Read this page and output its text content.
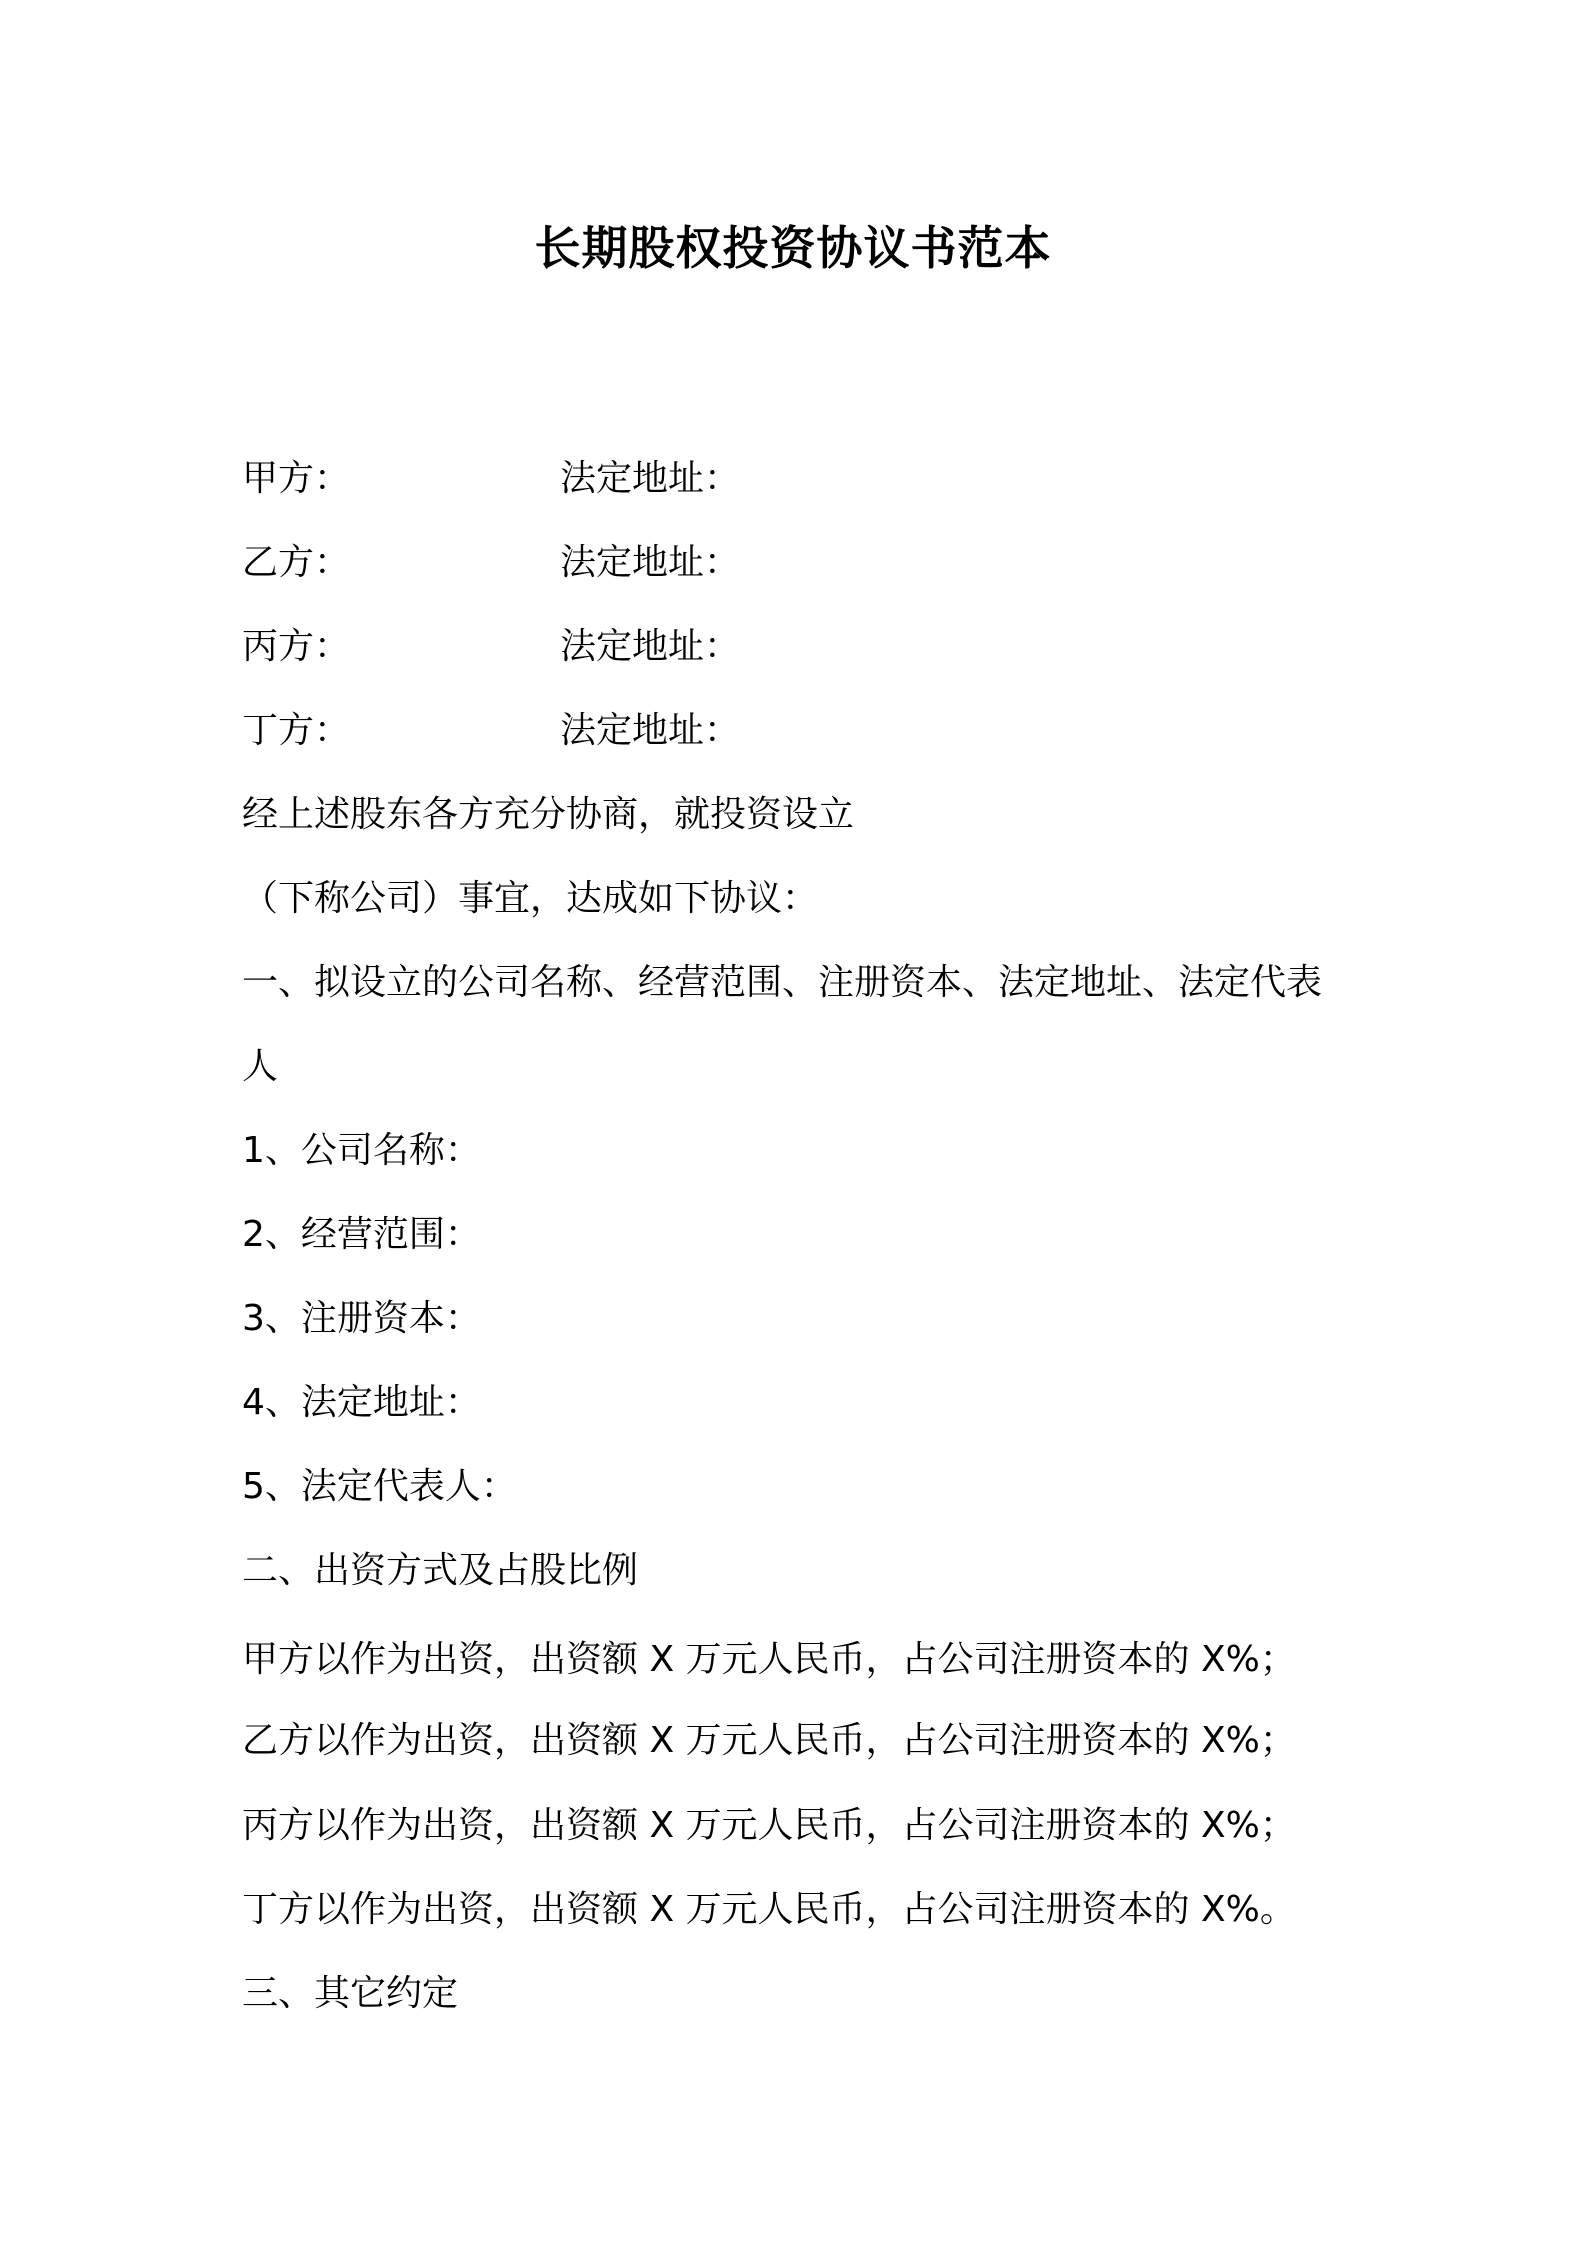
长期股权投资协议书范本
甲方：	法定地址：
乙方：	法定地址：
丙方：	法定地址：
丁方：	法定地址：
经上述股东各方充分协商，就投资设立
（下称公司）事宜，达成如下协议：
一、拟设立的公司名称、经营范围、注册资本、法定地址、法定代表
人
1、公司名称：
2、经营范围：
3、注册资本：
4、法定地址：
5、法定代表人：
二、出资方式及占股比例
甲方以作为出资，出资额 X 万元人民币，占公司注册资本的 X%；
乙方以作为出资，出资额 X 万元人民币，占公司注册资本的 X%；
丙方以作为出资，出资额 X 万元人民币，占公司注册资本的 X%；
丁方以作为出资，出资额 X 万元人民币，占公司注册资本的 X%。
三、其它约定
